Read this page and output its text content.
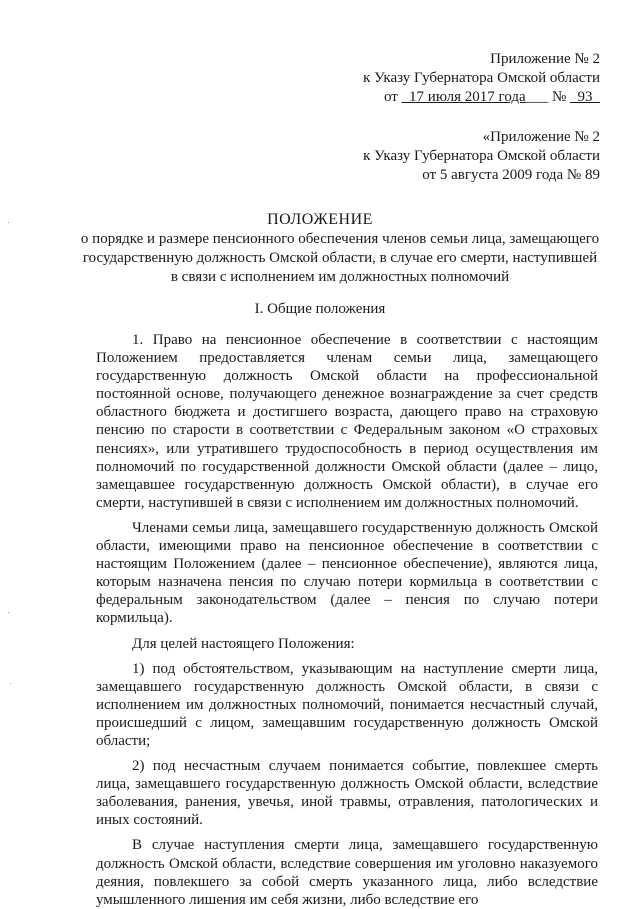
Приложение № 2
к Указу Губернатора Омской области
от 17 июля 2017 года___ № 93
«Приложение № 2
к Указу Губернатора Омской области
от 5 августа 2009 года № 89
ПОЛОЖЕНИЕ
о порядке и размере пенсионного обеспечения членов семьи лица, замещающего государственную должность Омской области, в случае его смерти, наступившей в связи с исполнением им должностных полномочий
I. Общие положения

1. Право на пенсионное обеспечение в соответствии с настоящим Положением предоставляется членам семьи лица, замещающего государственную должность Омской области на профессиональной постоянной основе, получающего денежное вознаграждение за счет средств областного бюджета и достигшего возраста, дающего право на страховую пенсию по старости в соответствии с Федеральным законом «О страховых пенсиях», или утратившего трудоспособность в период осуществления им полномочий по государственной должности Омской области (далее – лицо, замещавшее государственную должность Омской области), в случае его смерти, наступившей в связи с исполнением им должностных полномочий.

Членами семьи лица, замещавшего государственную должность Омской области, имеющими право на пенсионное обеспечение в соответствии с настоящим Положением (далее – пенсионное обеспечение), являются лица, которым назначена пенсия по случаю потери кормильца в соответствии с федеральным законодательством (далее – пенсия по случаю потери кормильца).

Для целей настоящего Положения:

1) под обстоятельством, указывающим на наступление смерти лица, замещавшего государственную должность Омской области, в связи с исполнением им должностных полномочий, понимается несчастный случай, происшедший с лицом, замещавшим государственную должность Омской области;

2) под несчастным случаем понимается событие, повлекшее смерть лица, замещавшего государственную должность Омской области, вследствие заболевания, ранения, увечья, иной травмы, отравления, патологических и иных состояний.

В случае наступления смерти лица, замещавшего государственную должность Омской области, вследствие совершения им уголовно наказуемого деяния, повлекшего за собой смерть указанного лица, либо вследствие умышленного лишения им себя жизни, либо вследствие его
